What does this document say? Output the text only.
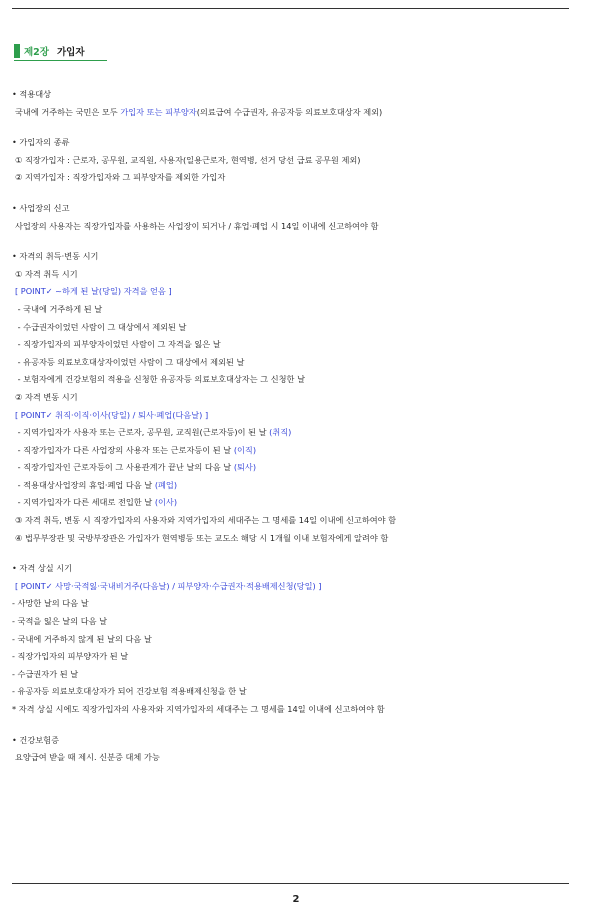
제2장 가입자
• 적용대상
국내에 거주하는 국민은 모두 가입자 또는 피부양자(의료급여 수급권자, 유공자등 의료보호대상자 제외)
• 가입자의 종류
① 직장가입자 : 근로자, 공무원, 교직원, 사용자(일용근로자, 현역병, 선거 당선 급료 공무원 제외)
② 지역가입자 : 직장가입자와 그 피부양자를 제외한 가입자
• 사업장의 신고
사업장의 사용자는 직장가입자를 사용하는 사업장이 되거나 / 휴업·폐업 시 14일 이내에 신고하여야 함
• 자격의 취득·변동 시기
① 자격 취득 시기
[ POINT✓ ~하게 된 날(당일) 자격을 얻음 ]
- 국내에 거주하게 된 날
- 수급권자이었던 사람이 그 대상에서 제외된 날
- 직장가입자의 피부양자이었던 사람이 그 자격을 잃은 날
- 유공자등 의료보호대상자이었던 사람이 그 대상에서 제외된 날
- 보험자에게 건강보험의 적용을 신청한 유공자등 의료보호대상자는 그 신청한 날
② 자격 변동 시기
[ POINT✓ 취직·이직·이사(당일) / 퇴사·폐업(다음날) ]
- 지역가입자가 사용자 또는 근로자, 공무원, 교직원(근로자등)이 된 날 (취직)
- 직장가입자가 다른 사업장의 사용자 또는 근로자등이 된 날 (이직)
- 직장가입자인 근로자등이 그 사용관계가 끝난 날의 다음 날 (퇴사)
- 적용대상사업장의 휴업·폐업 다음 날 (폐업)
- 지역가입자가 다른 세대로 전입한 날 (이사)
③ 자격 취득, 변동 시 직장가입자의 사용자와 지역가입자의 세대주는 그 명세를 14일 이내에 신고하여야 함
④ 법무부장관 및 국방부장관은 가입자가 현역병등 또는 교도소 해당 시 1개월 이내 보험자에게 알려야 함
• 자격 상실 시기
[ POINT✓ 사망·국적잃·국내비거주(다음날) / 피부양자·수급권자·적용배제신청(당일) ]
- 사망한 날의 다음 날
- 국적을 잃은 날의 다음 날
- 국내에 거주하지 않게 된 날의 다음 날
- 직장가입자의 피부양자가 된 날
- 수급권자가 된 날
- 유공자등 의료보호대상자가 되어 건강보험 적용배제신청을 한 날
* 자격 상실 시에도 직장가입자의 사용자와 지역가입자의 세대주는 그 명세를 14일 이내에 신고하여야 함
• 건강보험증
요양급여 받을 때 제시. 신분증 대체 가능
2
